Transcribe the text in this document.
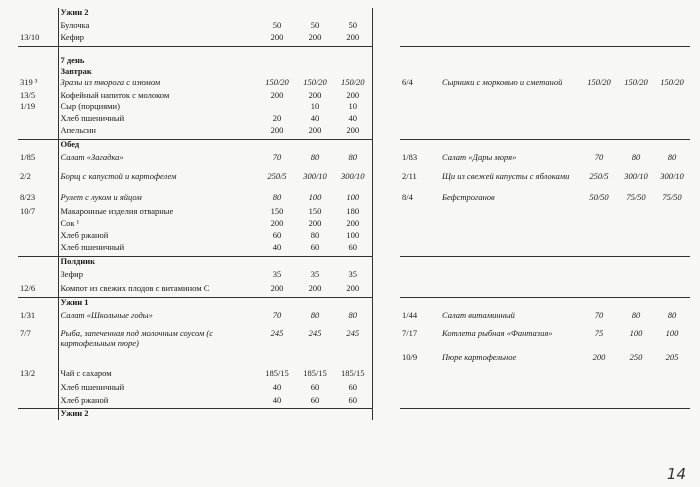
	Ужин 2									
	Булочка	50	50	50						
13/10	Кефир	200	200	200						

	7 день									
	Завтрак									
319 ³	Зразы из творога с изюмом	150/20	150/20	150/20		6/4	Сырники с морковью и сметаной	150/20	150/20	150/20
13/5	Кофейный напиток с молоком	200	200	200						
1/19	Сыр (порциями)		10	10						
	Хлеб пшеничный	20	40	40						
	Апельсин	200	200	200						
	Обед									
1/85	Салат «Загадка»	70	80	80		1/83	Салат «Дары моря»	70	80	80
2/2	Борщ с капустой и картофелем	250/5	300/10	300/10		2/11	Щи из свежей капусты с яблоками	250/5	300/10	300/10
8/23	Рулет с луком и яйцом	80	100	100		8/4	Бефстроганов	50/50	75/50	75/50
10/7	Макаронные изделия отварные	150	150	180						
	Сок ¹	200	200	200						
	Хлеб ржаной	60	80	100						
	Хлеб пшеничный	40	60	60						
	Полдник									
	Зефир	35	35	35						
12/6	Компот из свежих плодов с витамином С	200	200	200						
	Ужин 1									
1/31	Салат «Школьные годы»	70	80	80		1/44	Салат витаминный	70	80	80
7/7	Рыба, запеченная под молочным соусом (с картофельным пюре)	245	245	245		7/17	Котлета рыбная «Фантазия»	75	100	100
						10/9	Пюре картофельное	200	250	205
13/2	Чай с сахаром	185/15	185/15	185/15						
	Хлеб пшеничный	40	60	60						
	Хлеб ржаной	40	60	60						
	Ужин 2									
14
